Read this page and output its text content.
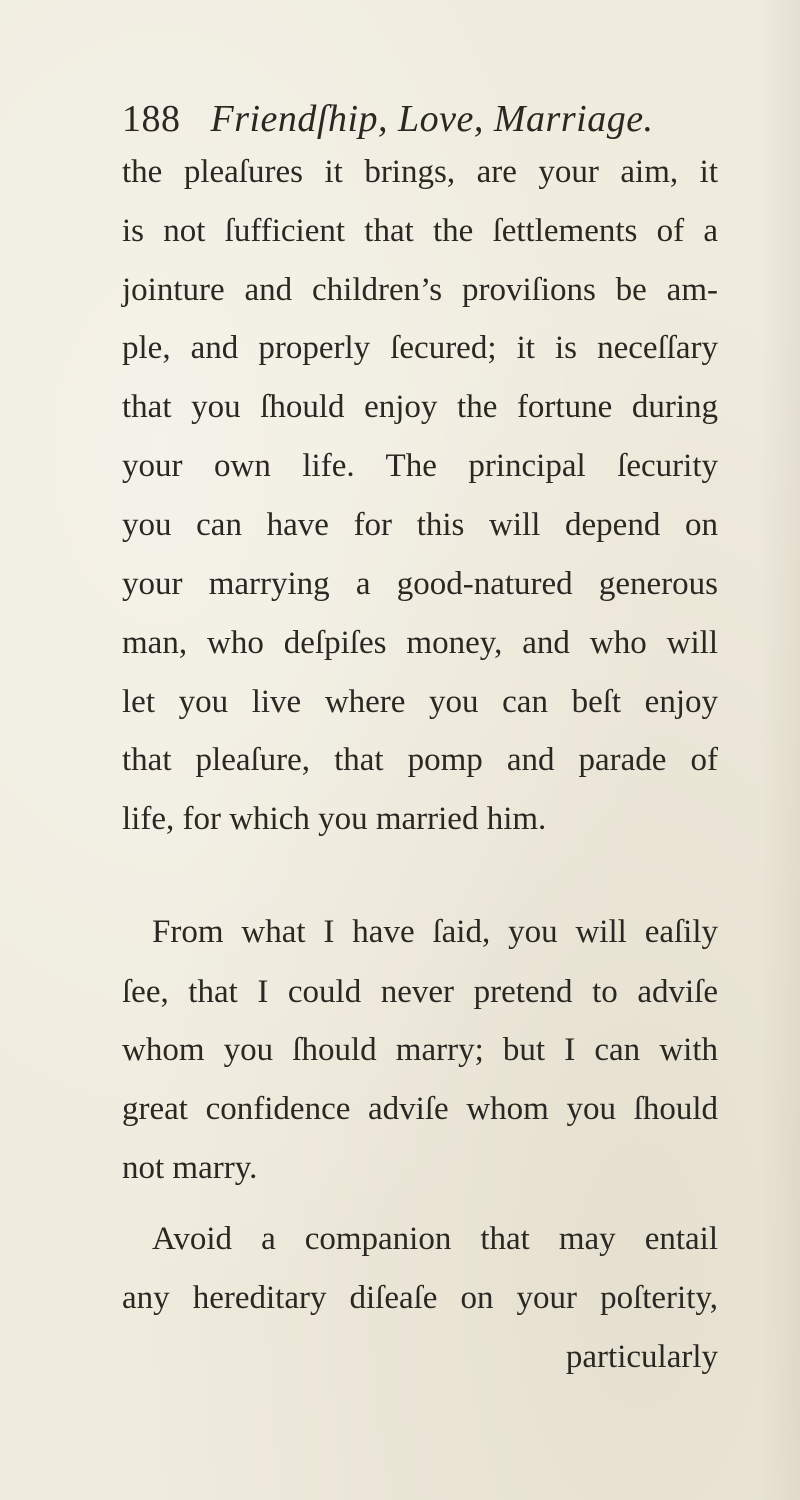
188 Friendſhip, Love, Marriage.
the pleaſures it brings, are your aim, it
is not ſufficient that the ſettlements of a
jointure and children’s proviſions be am-
ple, and properly ſecured; it is neceſſary
that you ſhould enjoy the fortune during
your own life. The principal ſecurity
you can have for this will depend on
your marrying a good-natured generous
man, who deſpiſes money, and who will
let you live where you can beſt enjoy
that pleaſure, that pomp and parade of
life, for which you married him.
From what I have ſaid, you will eaſily
ſee, that I could never pretend to adviſe
whom you ſhould marry; but I can with
great confidence adviſe whom you ſhould
not marry.
Avoid a companion that may entail
any hereditary diſeaſe on your poſterity,
particularly
